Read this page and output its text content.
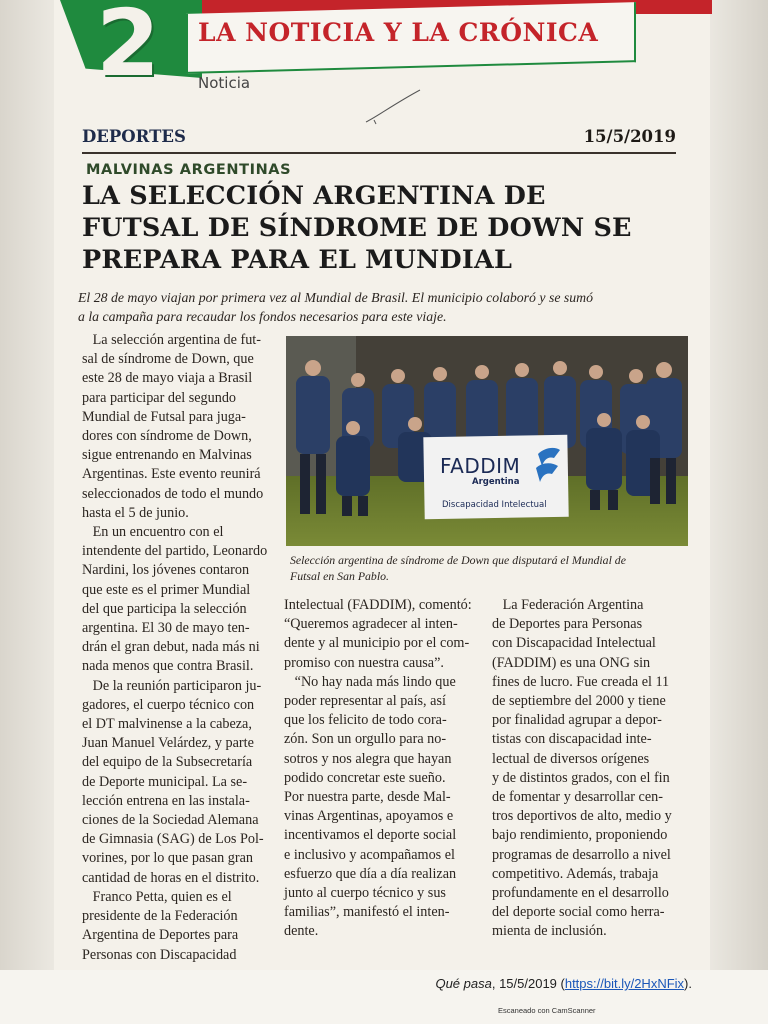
2	LA NOTICIA Y LA CRÓNICA
Noticia
DEPORTES	15/5/2019
MALVINAS ARGENTINAS
LA SELECCIÓN ARGENTINA DE
FUTSAL DE SÍNDROME DE DOWN SE
PREPARA PARA EL MUNDIAL
El 28 de mayo viajan por primera vez al Mundial de Brasil. El municipio colaboró y se sumó
a la campaña para recaudar los fondos necesarios para este viaje.
La selección argentina de fut-
sal de síndrome de Down, que
este 28 de mayo viaja a Brasil
para participar del segundo
Mundial de Futsal para juga-
dores con síndrome de Down,
sigue entrenando en Malvinas
Argentinas. Este evento reunirá
seleccionados de todo el mundo
hasta el 5 de junio.
En un encuentro con el
intendente del partido, Leonardo
Nardini, los jóvenes contaron
que este es el primer Mundial
del que participa la selección
argentina. El 30 de mayo ten-
drán el gran debut, nada más ni
nada menos que contra Brasil.
De la reunión participaron ju-
gadores, el cuerpo técnico con
el DT malvinense a la cabeza,
Juan Manuel Velárdez, y parte
del equipo de la Subsecretaría
de Deporte municipal. La se-
lección entrena en las instala-
ciones de la Sociedad Alemana
de Gimnasia (SAG) de Los Pol-
vorines, por lo que pasan gran
cantidad de horas en el distrito.
Franco Petta, quien es el
presidente de la Federación
Argentina de Deportes para
Personas con Discapacidad
Intelectual (FADDIM), comentó:
“Queremos agradecer al inten-
dente y al municipio por el com-
promiso con nuestra causa”.
“No hay nada más lindo que
poder representar al país, así
que los felicito de todo cora-
zón. Son un orgullo para no-
sotros y nos alegra que hayan
podido concretar este sueño.
Por nuestra parte, desde Mal-
vinas Argentinas, apoyamos e
incentivamos el deporte social
e inclusivo y acompañamos el
esfuerzo que día a día realizan
junto al cuerpo técnico y sus
familias”, manifestó el inten-
dente.
La Federación Argentina
de Deportes para Personas
con Discapacidad Intelectual
(FADDIM) es una ONG sin
fines de lucro. Fue creada el 11
de septiembre del 2000 y tiene
por finalidad agrupar a depor-
tistas con discapacidad inte-
lectual de diversos orígenes
y de distintos grados, con el fin
de fomentar y desarrollar cen-
tros deportivos de alto, medio y
bajo rendimiento, proponiendo
programas de desarrollo a nivel
competitivo. Además, trabaja
profundamente en el desarrollo
del deporte social como herra-
mienta de inclusión.
FADDIM
Argentina
Discapacidad Intelectual
Selección argentina de síndrome de Down que disputará el Mundial de
Futsal en San Pablo.
Qué pasa, 15/5/2019 (https://bit.ly/2HxNFix).
Escaneado con CamScanner
